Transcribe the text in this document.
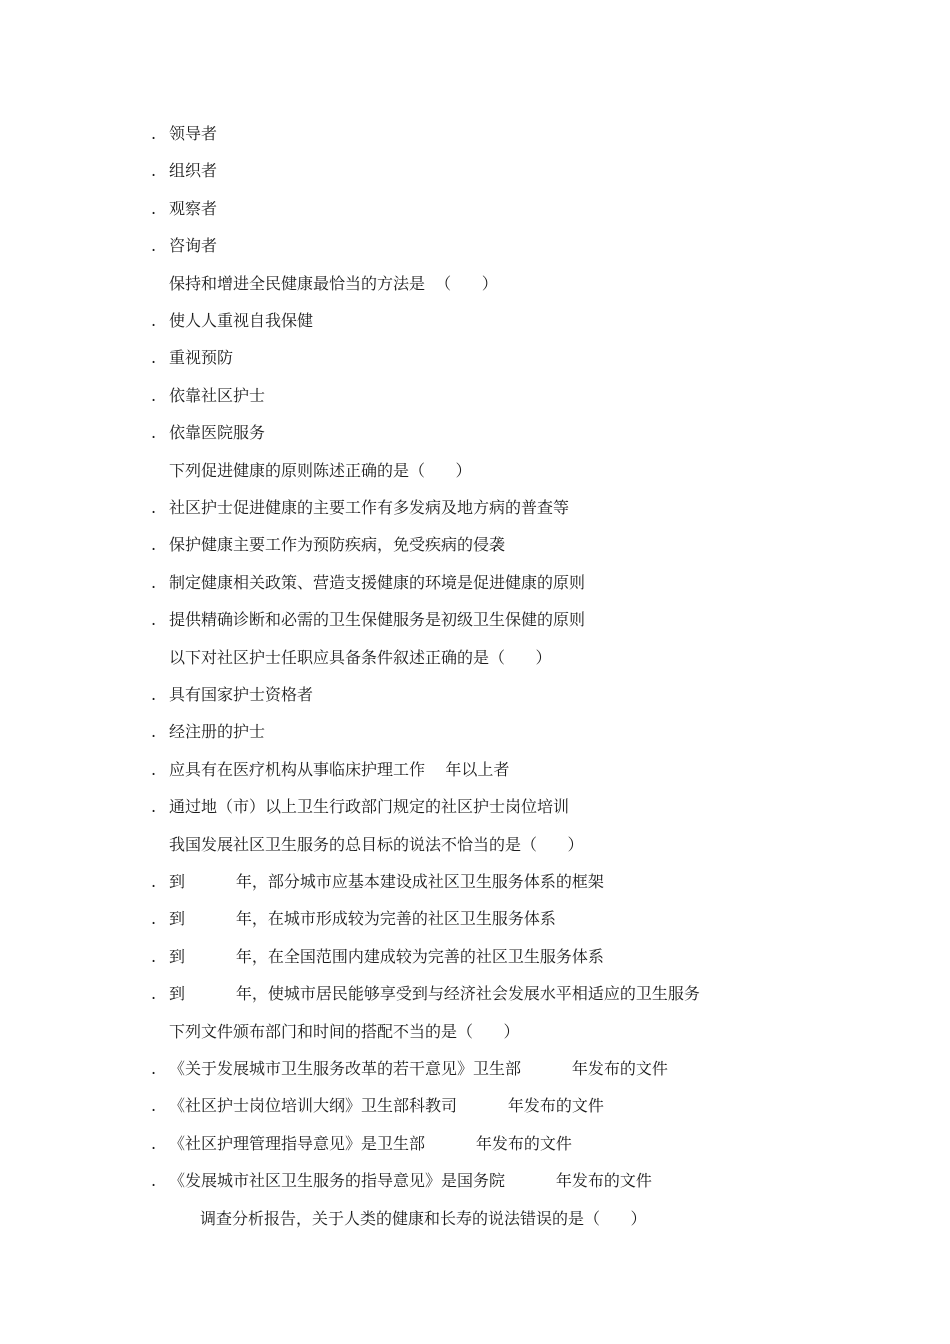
. 领导者
. 组织者
. 观察者
. 咨询者
保持和增进全民健康最恰当的方法是  （      ）
. 使人人重视自我保健
. 重视预防
. 依靠社区护士
. 依靠医院服务
下列促进健康的原则陈述正确的是（      ）
. 社区护士促进健康的主要工作有多发病及地方病的普查等
. 保护健康主要工作为预防疾病，免受疾病的侵袭
. 制定健康相关政策、营造支援健康的环境是促进健康的原则
. 提供精确诊断和必需的卫生保健服务是初级卫生保健的原则
以下对社区护士任职应具备条件叙述正确的是（      ）
. 具有国家护士资格者
. 经注册的护士
. 应具有在医疗机构从事临床护理工作    年以上者
. 通过地（市）以上卫生行政部门规定的社区护士岗位培训
我国发展社区卫生服务的总目标的说法不恰当的是（      ）
. 到          年，部分城市应基本建设成社区卫生服务体系的框架
. 到          年，在城市形成较为完善的社区卫生服务体系
. 到          年，在全国范围内建成较为完善的社区卫生服务体系
. 到          年，使城市居民能够享受到与经济社会发展水平相适应的卫生服务
下列文件颁布部门和时间的搭配不当的是（      ）
. 《关于发展城市卫生服务改革的若干意见》卫生部          年发布的文件
. 《社区护士岗位培训大纲》卫生部科教司          年发布的文件
. 《社区护理管理指导意见》是卫生部          年发布的文件
. 《发展城市社区卫生服务的指导意见》是国务院          年发布的文件
调查分析报告，关于人类的健康和长寿的说法错误的是（      ）
